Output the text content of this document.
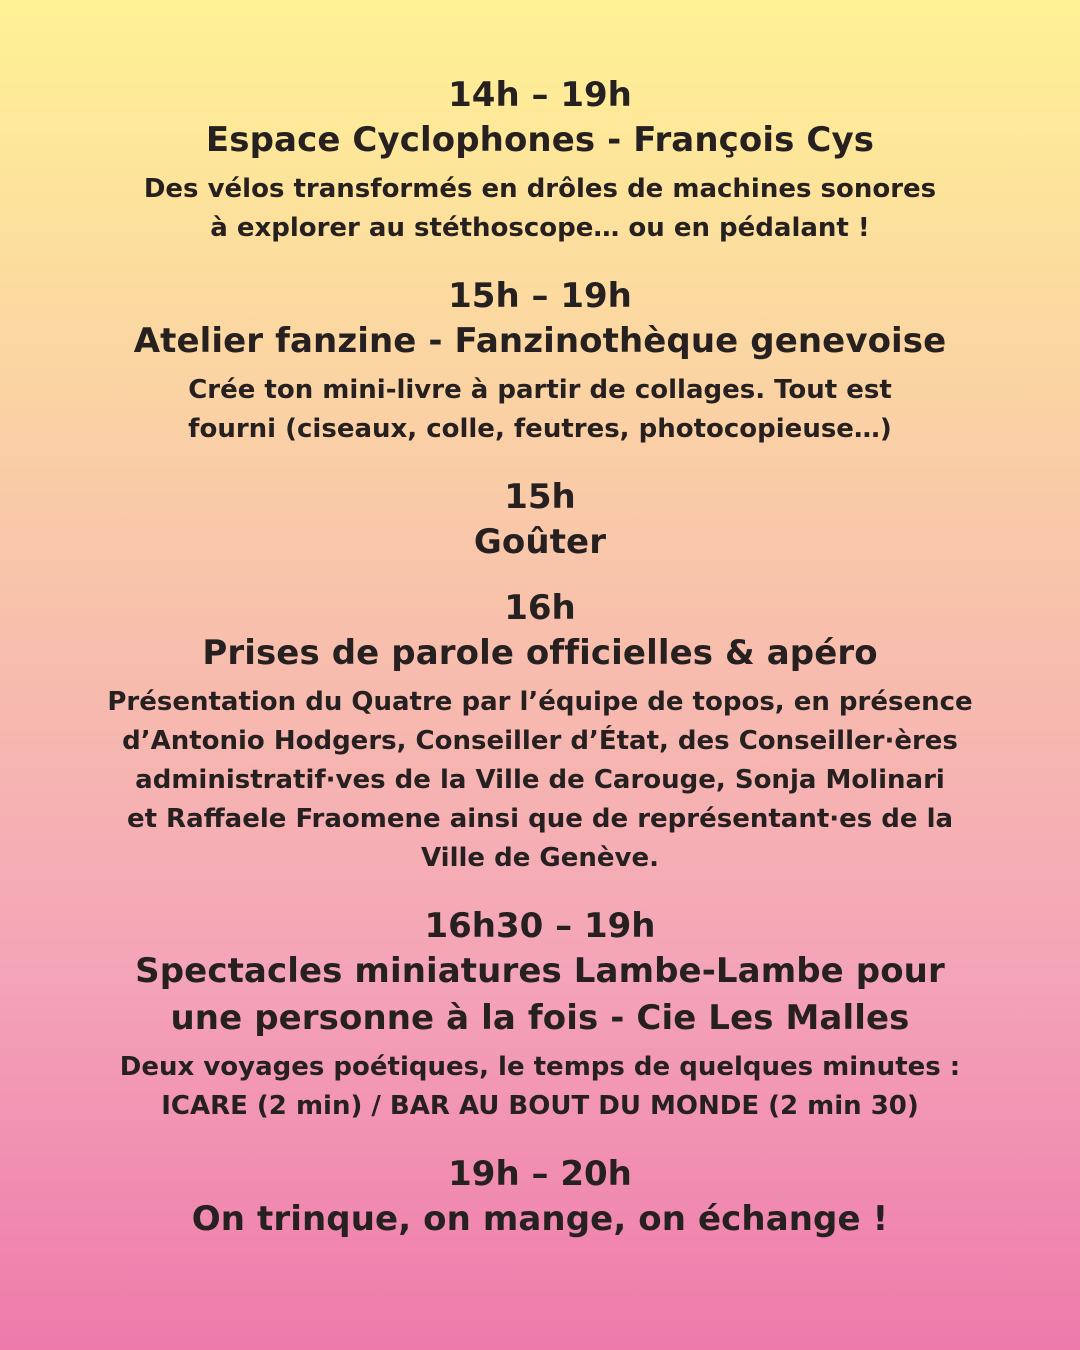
14h – 19h
Espace Cyclophones - François Cys
Des vélos transformés en drôles de machines sonores
à explorer au stéthoscope… ou en pédalant !
15h – 19h
Atelier fanzine - Fanzinothèque genevoise
Crée ton mini-livre à partir de collages. Tout est
fourni (ciseaux, colle, feutres, photocopieuse…)
15h
Goûter
16h
Prises de parole officielles & apéro
Présentation du Quatre par l’équipe de topos, en présence
d’Antonio Hodgers, Conseiller d’État, des Conseiller·ères
administratif·ves de la Ville de Carouge, Sonja Molinari
et Raffaele Fraomene ainsi que de représentant·es de la
Ville de Genève.
16h30 – 19h
Spectacles miniatures Lambe-Lambe pour
une personne à la fois - Cie Les Malles
Deux voyages poétiques, le temps de quelques minutes :
ICARE (2 min) / BAR AU BOUT DU MONDE (2 min 30)
19h – 20h
On trinque, on mange, on échange !
